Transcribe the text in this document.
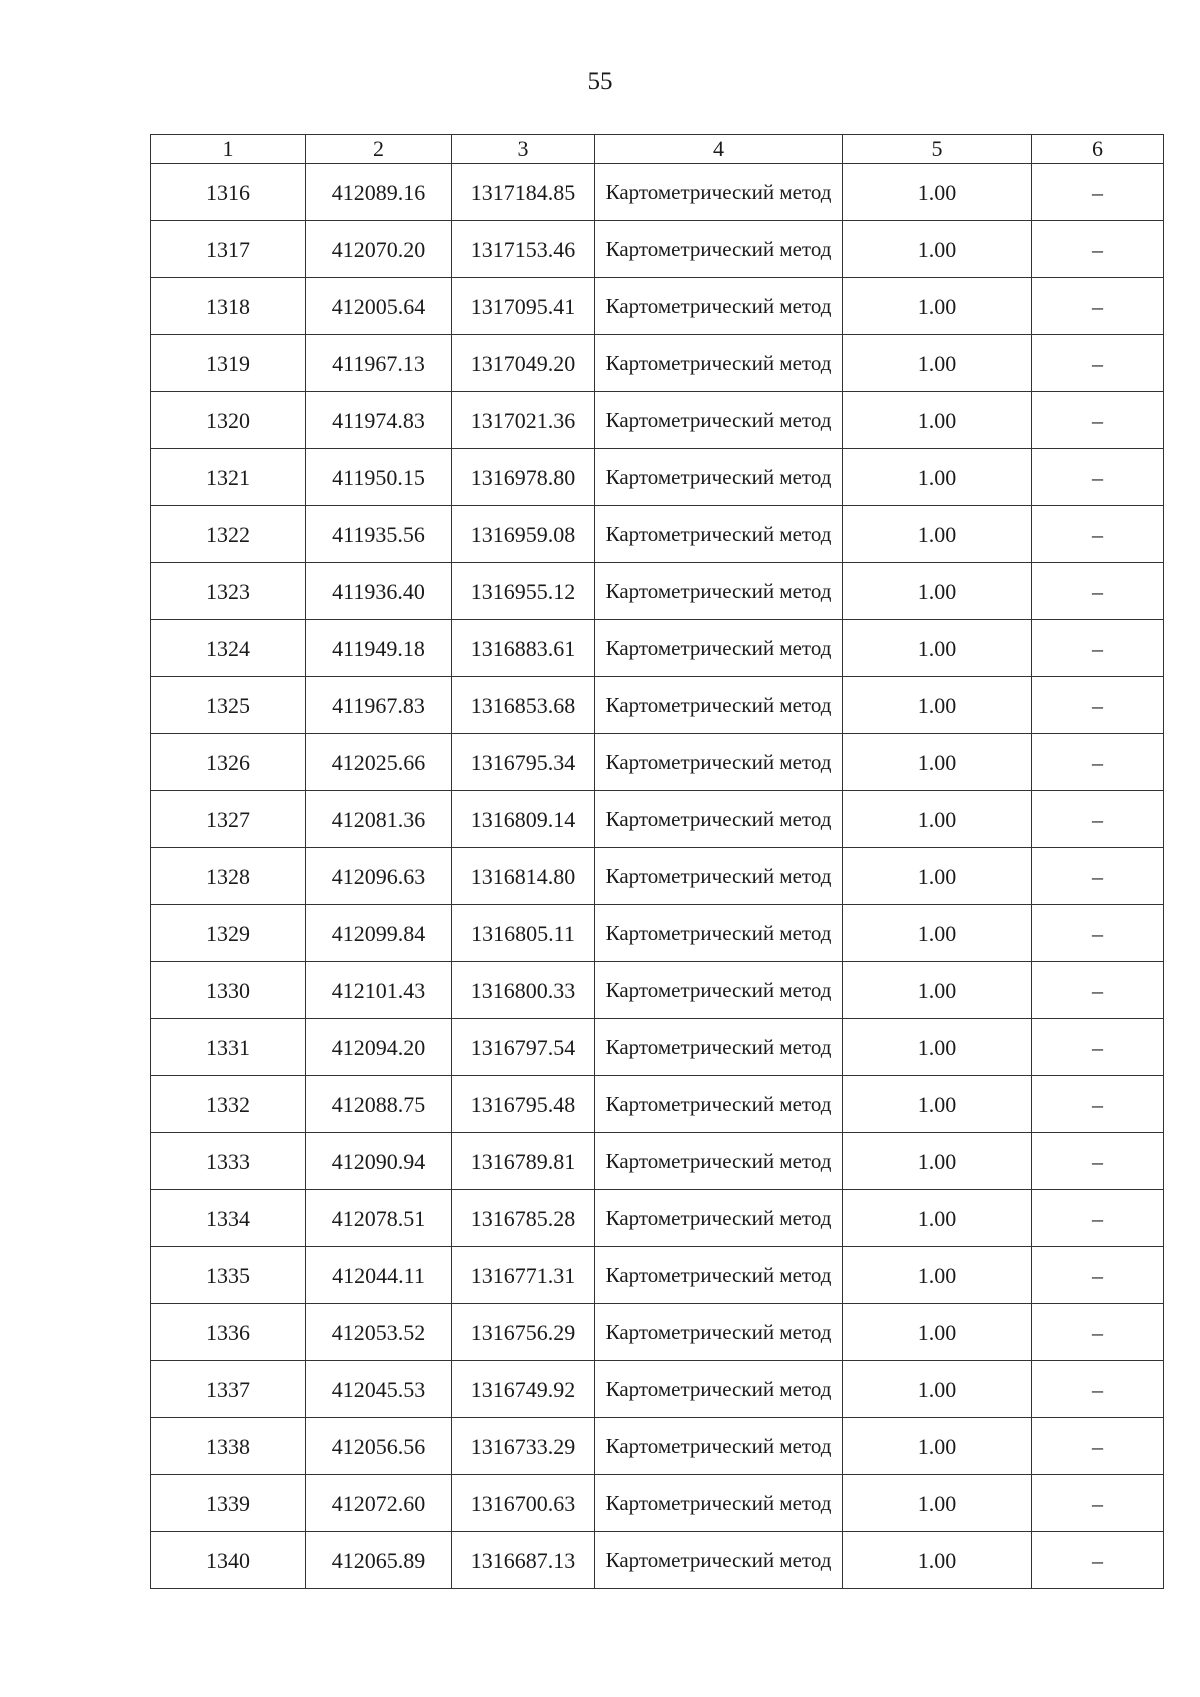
55
1	2	3	4	5	6
1316	412089.16	1317184.85	Картометрический метод	1.00	–
1317	412070.20	1317153.46	Картометрический метод	1.00	–
1318	412005.64	1317095.41	Картометрический метод	1.00	–
1319	411967.13	1317049.20	Картометрический метод	1.00	–
1320	411974.83	1317021.36	Картометрический метод	1.00	–
1321	411950.15	1316978.80	Картометрический метод	1.00	–
1322	411935.56	1316959.08	Картометрический метод	1.00	–
1323	411936.40	1316955.12	Картометрический метод	1.00	–
1324	411949.18	1316883.61	Картометрический метод	1.00	–
1325	411967.83	1316853.68	Картометрический метод	1.00	–
1326	412025.66	1316795.34	Картометрический метод	1.00	–
1327	412081.36	1316809.14	Картометрический метод	1.00	–
1328	412096.63	1316814.80	Картометрический метод	1.00	–
1329	412099.84	1316805.11	Картометрический метод	1.00	–
1330	412101.43	1316800.33	Картометрический метод	1.00	–
1331	412094.20	1316797.54	Картометрический метод	1.00	–
1332	412088.75	1316795.48	Картометрический метод	1.00	–
1333	412090.94	1316789.81	Картометрический метод	1.00	–
1334	412078.51	1316785.28	Картометрический метод	1.00	–
1335	412044.11	1316771.31	Картометрический метод	1.00	–
1336	412053.52	1316756.29	Картометрический метод	1.00	–
1337	412045.53	1316749.92	Картометрический метод	1.00	–
1338	412056.56	1316733.29	Картометрический метод	1.00	–
1339	412072.60	1316700.63	Картометрический метод	1.00	–
1340	412065.89	1316687.13	Картометрический метод	1.00	–
